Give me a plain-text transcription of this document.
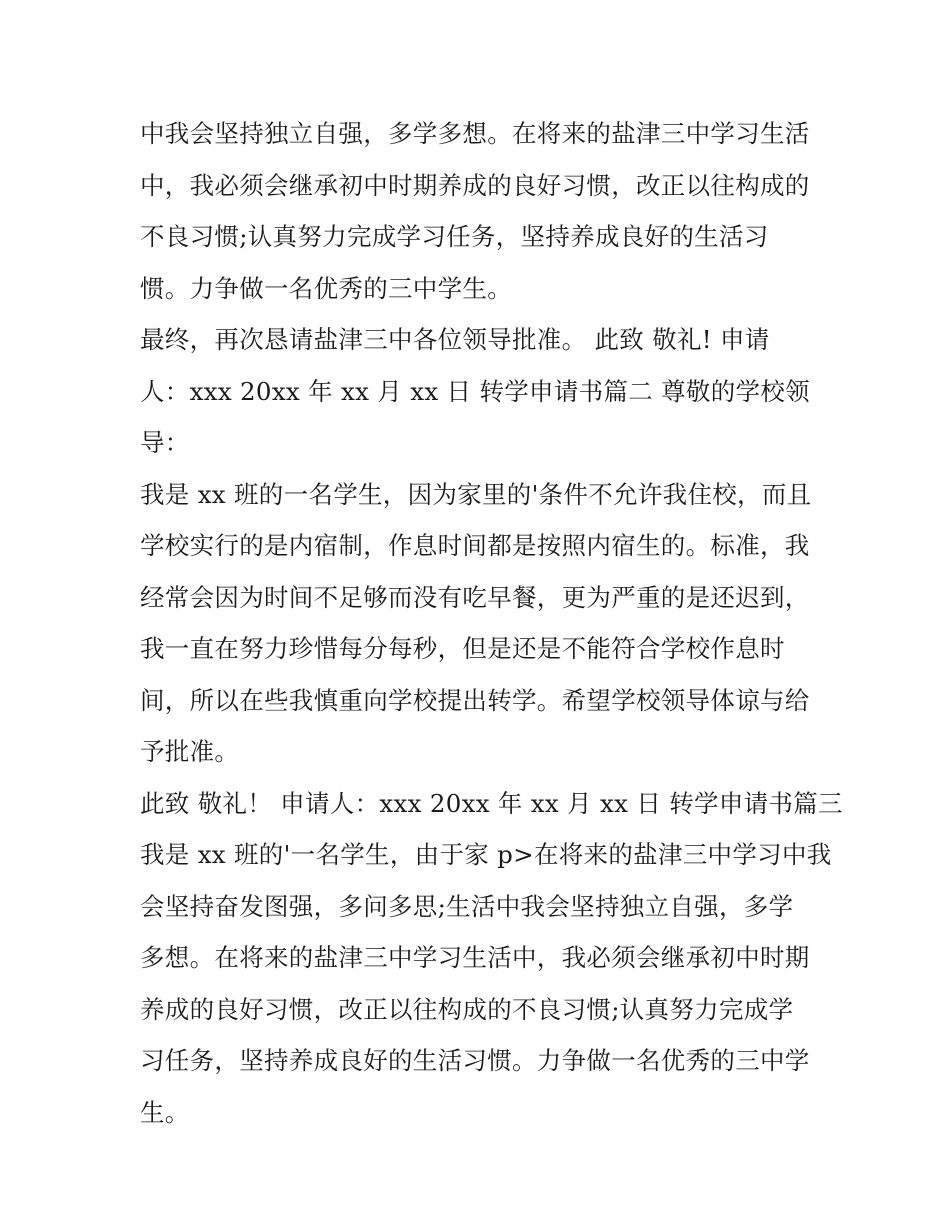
中我会坚持独立自强，多学多想。在将来的盐津三中学习生活
中，我必须会继承初中时期养成的良好习惯，改正以往构成的
不良习惯;认真努力完成学习任务，坚持养成良好的生活习
惯。力争做一名优秀的三中学生。
最终，再次恳请盐津三中各位领导批准。 此致 敬礼! 申请
人：xxx 20xx 年 xx 月 xx 日 转学申请书篇二 尊敬的学校领
导：
我是 xx 班的一名学生，因为家里的'条件不允许我住校，而且
学校实行的是内宿制，作息时间都是按照内宿生的。标准，我
经常会因为时间不足够而没有吃早餐，更为严重的是还迟到，
我一直在努力珍惜每分每秒，但是还是不能符合学校作息时
间，所以在些我慎重向学校提出转学。希望学校领导体谅与给
予批准。
此致 敬礼！ 申请人：xxx 20xx 年 xx 月 xx 日 转学申请书篇三
我是 xx 班的'一名学生，由于家 p>在将来的盐津三中学习中我
会坚持奋发图强，多问多思;生活中我会坚持独立自强，多学
多想。在将来的盐津三中学习生活中，我必须会继承初中时期
养成的良好习惯，改正以往构成的不良习惯;认真努力完成学
习任务，坚持养成良好的生活习惯。力争做一名优秀的三中学
生。
